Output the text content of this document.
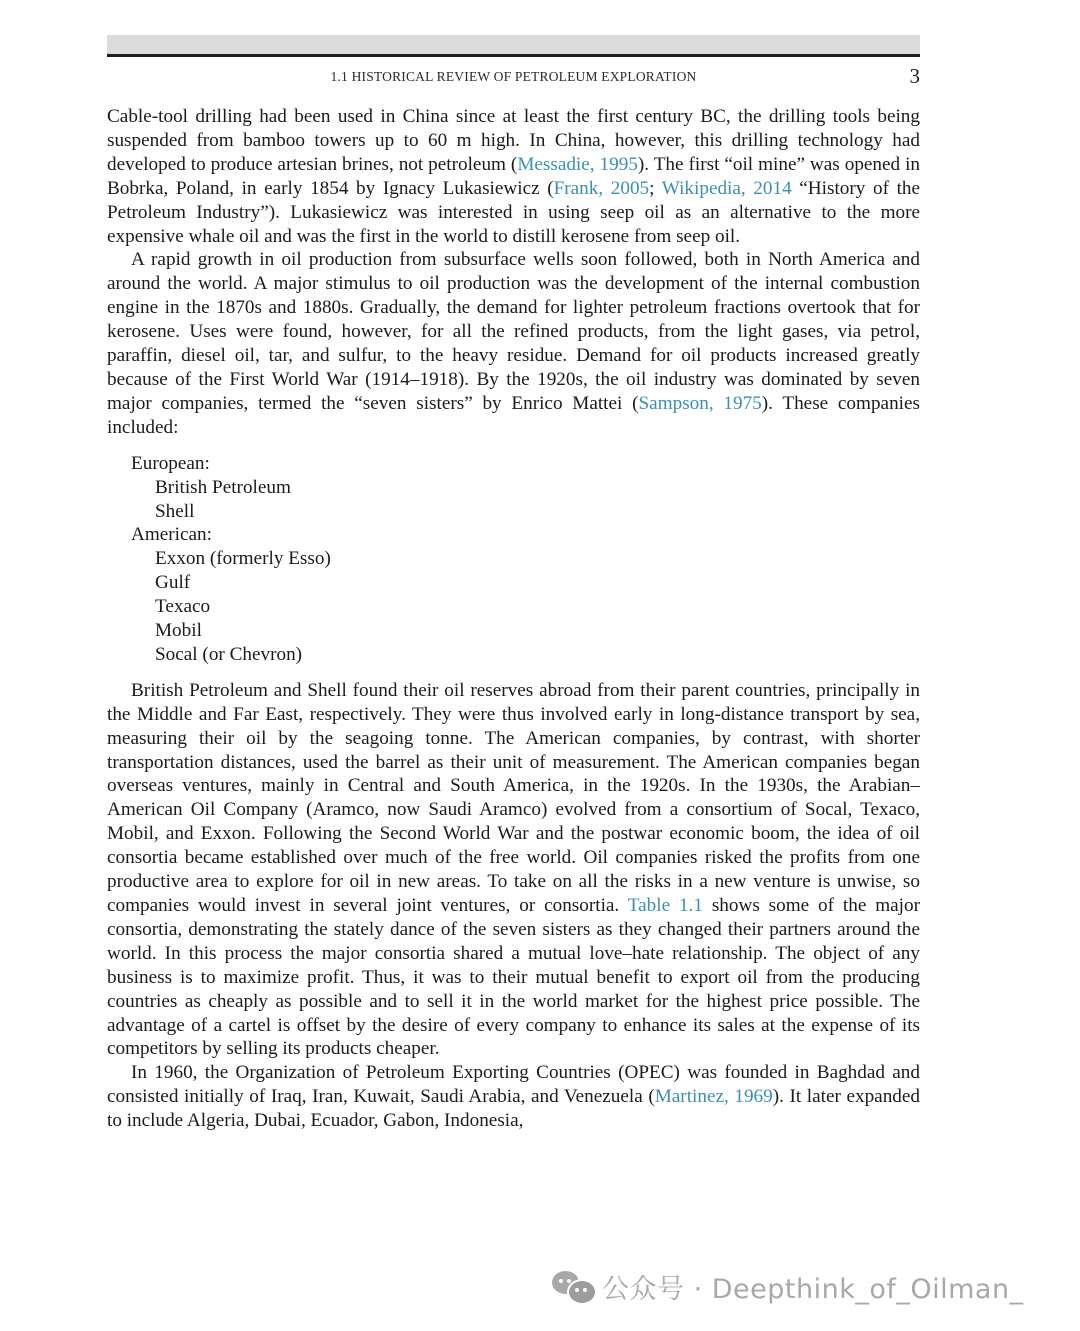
1.1 HISTORICAL REVIEW OF PETROLEUM EXPLORATION	3

Cable-tool drilling had been used in China since at least the first century BC, the drilling tools being suspended from bamboo towers up to 60 m high. In China, however, this drilling technology had developed to produce artesian brines, not petroleum (Messadie, 1995). The first “oil mine” was opened in Bobrka, Poland, in early 1854 by Ignacy Lukasiewicz (Frank, 2005; Wikipedia, 2014 “History of the Petroleum Industry”). Lukasiewicz was interested in using seep oil as an alternative to the more expensive whale oil and was the first in the world to distill kerosene from seep oil.

A rapid growth in oil production from subsurface wells soon followed, both in North America and around the world. A major stimulus to oil production was the development of the internal combustion engine in the 1870s and 1880s. Gradually, the demand for lighter petroleum fractions overtook that for kerosene. Uses were found, however, for all the refined products, from the light gases, via petrol, paraffin, diesel oil, tar, and sulfur, to the heavy residue. Demand for oil products increased greatly because of the First World War (1914–1918). By the 1920s, the oil industry was dominated by seven major companies, termed the “seven sisters” by Enrico Mattei (Sampson, 1975). These companies included:

European:
British Petroleum
Shell
American:
Exxon (formerly Esso)
Gulf
Texaco
Mobil
Socal (or Chevron)

British Petroleum and Shell found their oil reserves abroad from their parent countries, principally in the Middle and Far East, respectively. They were thus involved early in long-distance transport by sea, measuring their oil by the seagoing tonne. The American companies, by contrast, with shorter transportation distances, used the barrel as their unit of measurement. The American companies began overseas ventures, mainly in Central and South America, in the 1920s. In the 1930s, the Arabian–American Oil Company (Aramco, now Saudi Aramco) evolved from a consortium of Socal, Texaco, Mobil, and Exxon. Following the Second World War and the postwar economic boom, the idea of oil consortia became established over much of the free world. Oil companies risked the profits from one productive area to explore for oil in new areas. To take on all the risks in a new venture is unwise, so companies would invest in several joint ventures, or consortia. Table 1.1 shows some of the major consortia, demonstrating the stately dance of the seven sisters as they changed their partners around the world. In this process the major consortia shared a mutual love–hate relationship. The object of any business is to maximize profit. Thus, it was to their mutual benefit to export oil from the producing countries as cheaply as possible and to sell it in the world market for the highest price possible. The advantage of a cartel is offset by the desire of every company to enhance its sales at the expense of its competitors by selling its products cheaper.

In 1960, the Organization of Petroleum Exporting Countries (OPEC) was founded in Baghdad and consisted initially of Iraq, Iran, Kuwait, Saudi Arabia, and Venezuela (Martinez, 1969). It later expanded to include Algeria, Dubai, Ecuador, Gabon, Indonesia,

公众号 · Deepthink_of_Oilman_
